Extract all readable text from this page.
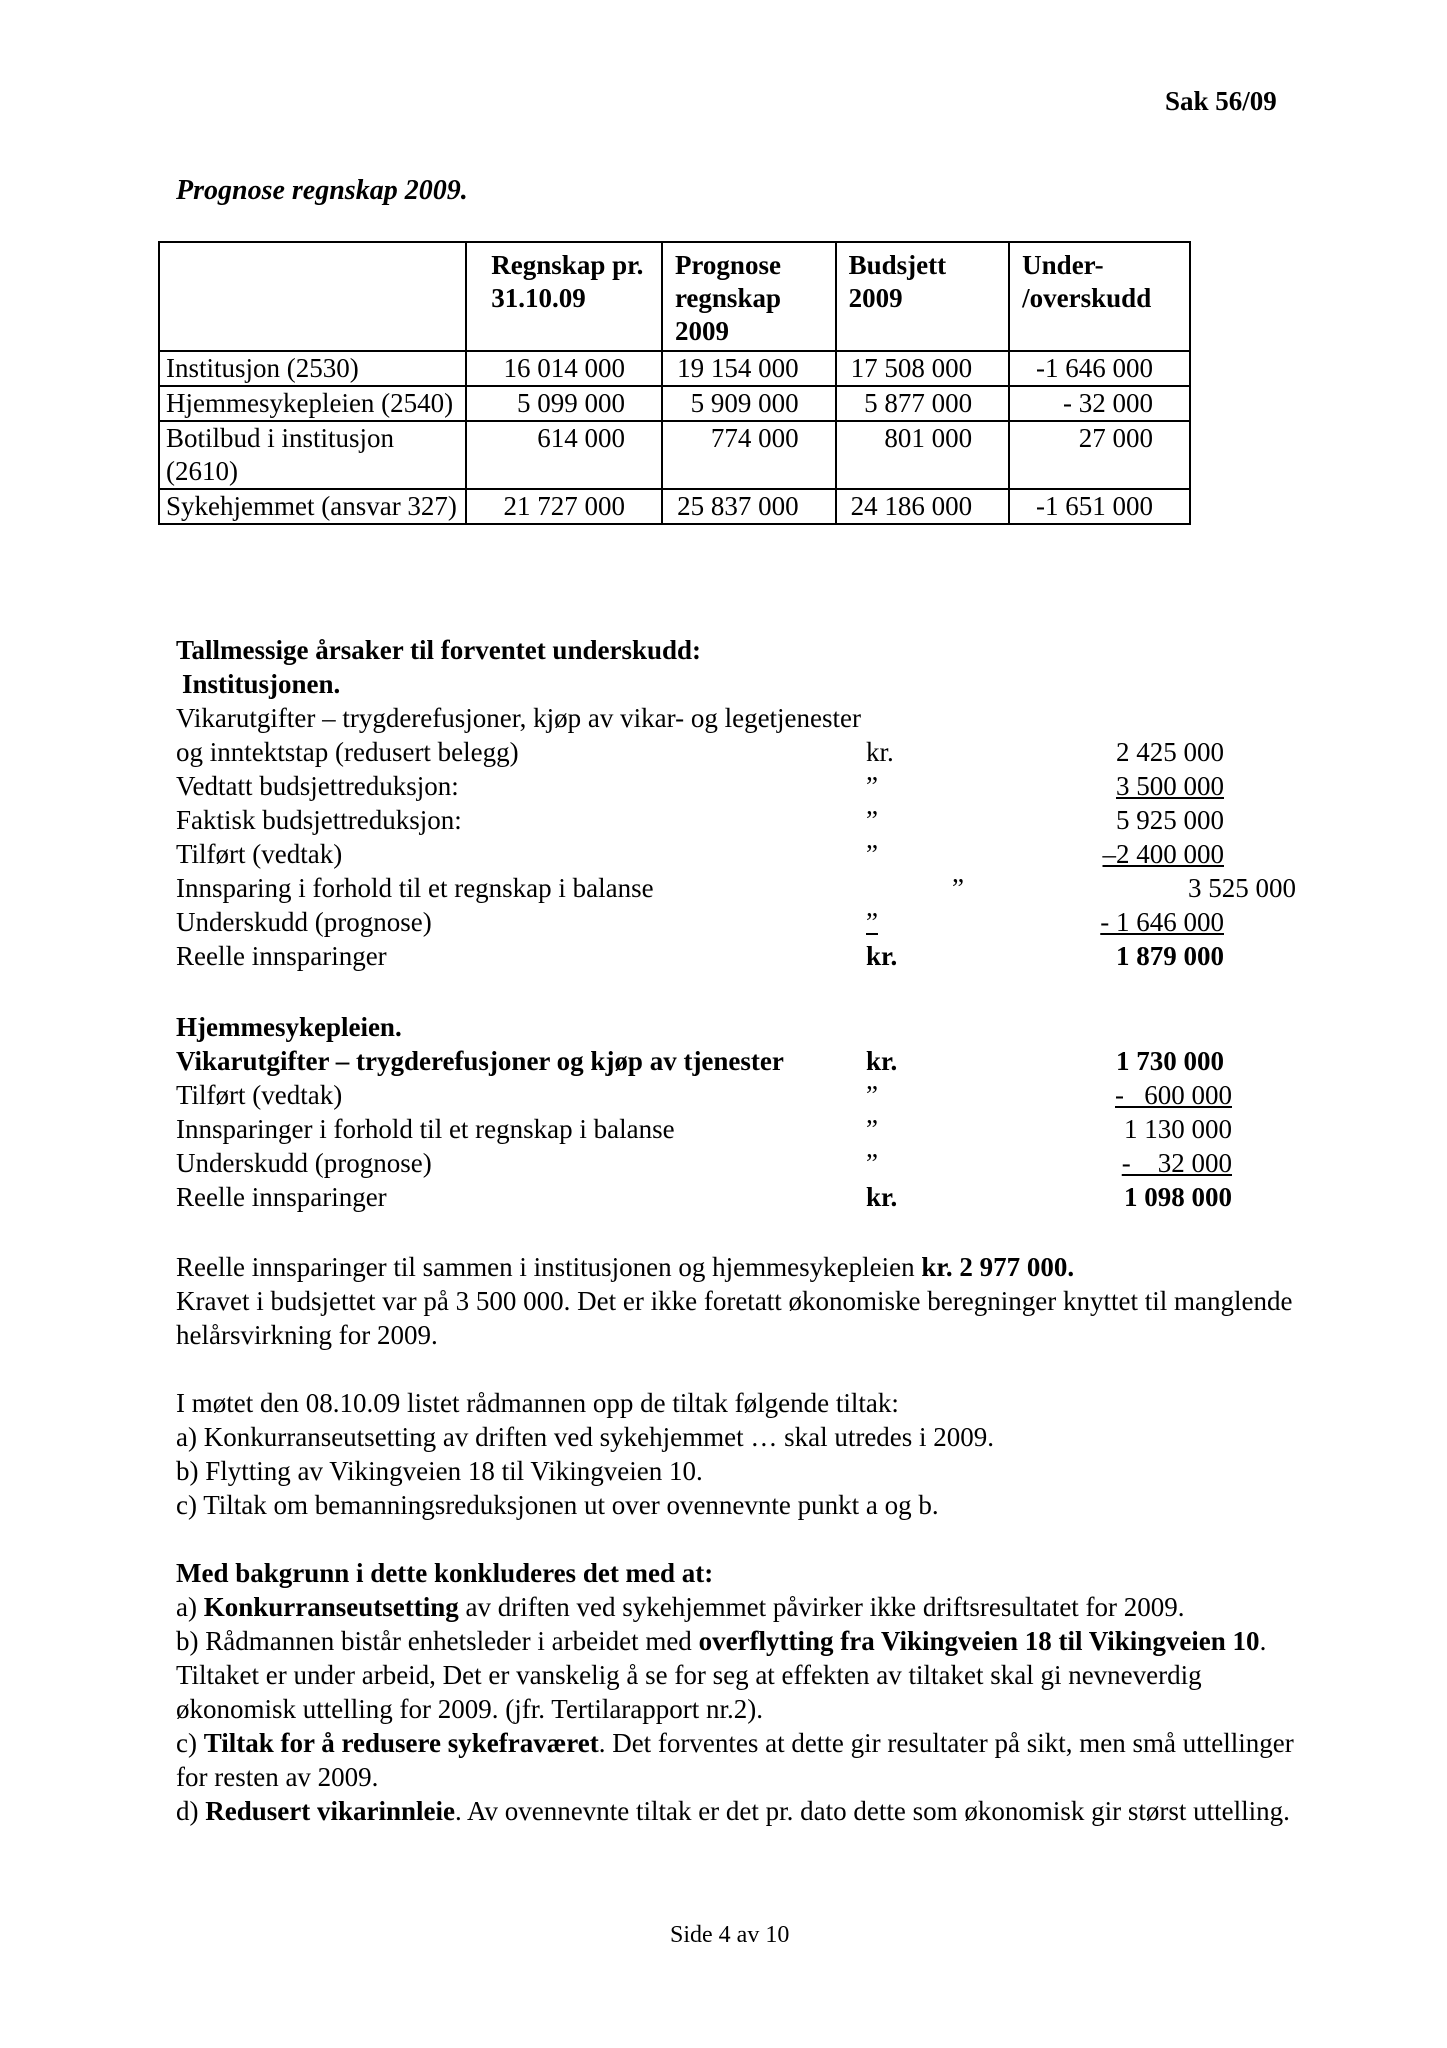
Sak 56/09
Prognose regnskap 2009.
	Regnskap pr. 31.10.09	Prognose regnskap 2009	Budsjett 2009	Under- /overskudd
Institusjon (2530)	16 014 000	19 154 000	17 508 000	-1 646 000
Hjemmesykepleien (2540)	5 099 000	5 909 000	5 877 000	- 32 000
Botilbud i institusjon (2610)	614 000	774 000	801 000	27 000
Sykehjemmet (ansvar 327)	21 727 000	25 837 000	24 186 000	-1 651 000
Tallmessige årsaker til forventet underskudd:
Institusjonen.
Vikarutgifter – trygderefusjoner, kjøp av vikar- og legetjenester
og inntektstap (redusert belegg)	kr.	2 425 000
Vedtatt budsjettreduksjon:	”	3 500 000
Faktisk budsjettreduksjon:	”	5 925 000
Tilført (vedtak)	”	–2 400 000
Innsparing i forhold til et regnskap i balanse	”	3 525 000
Underskudd (prognose)	”	- 1 646 000
Reelle innsparinger	kr.	1 879 000
Hjemmesykepleien.
Vikarutgifter – trygderefusjoner og kjøp av tjenester	kr.	1 730 000
Tilført (vedtak)	”	-   600 000
Innsparinger i forhold til et regnskap i balanse	”	1 130 000
Underskudd (prognose)	”	-    32 000
Reelle innsparinger	kr.	1 098 000

Reelle innsparinger til sammen i institusjonen og hjemmesykepleien kr. 2 977 000.

Kravet i budsjettet var på 3 500 000. Det er ikke foretatt økonomiske beregninger knyttet til manglende helårsvirkning for 2009.

I møtet den 08.10.09 listet rådmannen opp de tiltak følgende tiltak:

a) Konkurranseutsetting av driften ved sykehjemmet … skal utredes i 2009.

b) Flytting av Vikingveien 18 til Vikingveien 10.

c) Tiltak om bemanningsreduksjonen ut over ovennevnte punkt a og b.

Med bakgrunn i dette konkluderes det med at:

a) Konkurranseutsetting av driften ved sykehjemmet påvirker ikke driftsresultatet for 2009.

b) Rådmannen bistår enhetsleder i arbeidet med overflytting fra Vikingveien 18 til Vikingveien 10. Tiltaket er under arbeid, Det er vanskelig å se for seg at effekten av tiltaket skal gi nevneverdig økonomisk uttelling for 2009. (jfr. Tertilarapport nr.2).

c) Tiltak for å redusere sykefraværet. Det forventes at dette gir resultater på sikt, men små uttellinger for resten av 2009.

d) Redusert vikarinnleie. Av ovennevnte tiltak er det pr. dato dette som økonomisk gir størst uttelling.

Side 4 av 10
